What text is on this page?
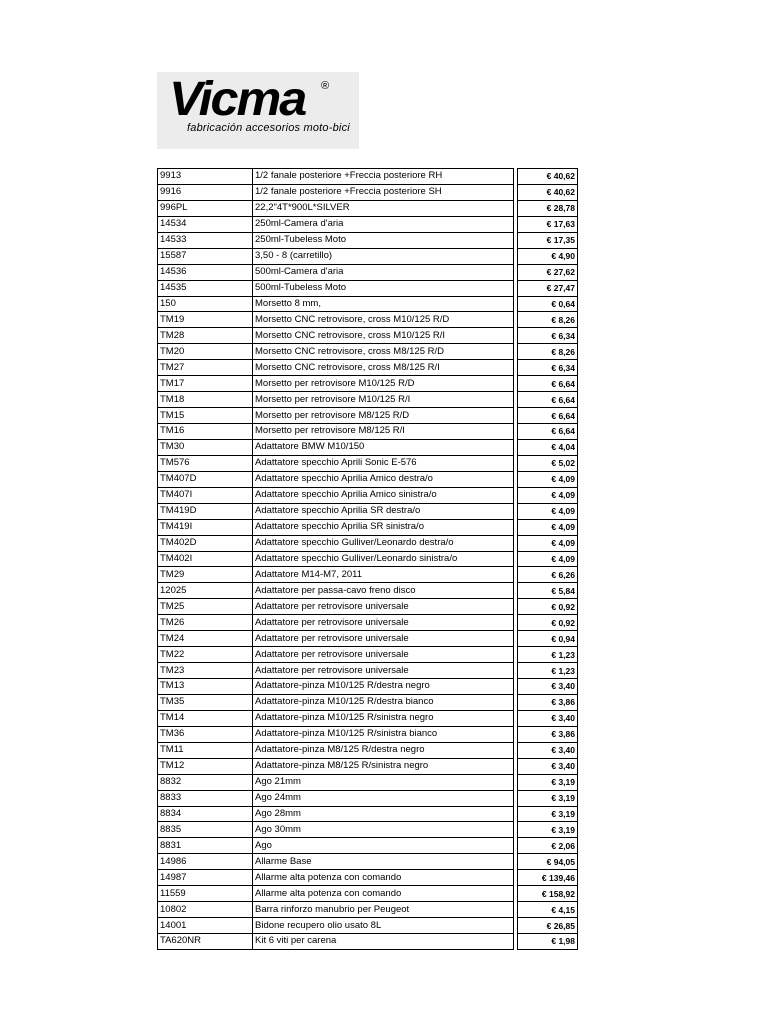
Vicma ®
fabricación accesorios moto-bici
9913	1/2 fanale posteriore +Freccia posteriore RH		€ 40,62
9916	1/2 fanale posteriore +Freccia posteriore SH		€ 40,62
996PL	22,2"4T*900L*SILVER		€ 28,78
14534	250ml-Camera d'aria		€ 17,63
14533	250ml-Tubeless Moto		€ 17,35
15587	3,50 - 8 (carretillo)		€ 4,90
14536	500ml-Camera d'aria		€ 27,62
14535	500ml-Tubeless Moto		€ 27,47
150	Morsetto 8 mm,		€ 0,64
TM19	Morsetto CNC retrovisore, cross M10/125 R/D		€ 8,26
TM28	Morsetto CNC retrovisore, cross M10/125 R/I		€ 6,34
TM20	Morsetto CNC retrovisore, cross M8/125 R/D		€ 8,26
TM27	Morsetto CNC retrovisore, cross M8/125 R/I		€ 6,34
TM17	Morsetto per retrovisore M10/125 R/D		€ 6,64
TM18	Morsetto per retrovisore M10/125 R/I		€ 6,64
TM15	Morsetto per retrovisore M8/125 R/D		€ 6,64
TM16	Morsetto per retrovisore M8/125 R/I		€ 6,64
TM30	Adattatore BMW M10/150		€ 4,04
TM576	Adattatore specchio Aprili Sonic E-576		€ 5,02
TM407D	Adattatore specchio Aprilia Amico destra/o		€ 4,09
TM407I	Adattatore specchio Aprilia Amico sinistra/o		€ 4,09
TM419D	Adattatore specchio Aprilia SR destra/o		€ 4,09
TM419I	Adattatore specchio Aprilia SR sinistra/o		€ 4,09
TM402D	Adattatore specchio Gulliver/Leonardo destra/o		€ 4,09
TM402I	Adattatore specchio Gulliver/Leonardo sinistra/o		€ 4,09
TM29	Adattatore M14-M7, 2011		€ 6,26
12025	Adattatore per passa-cavo freno disco		€ 5,84
TM25	Adattatore per retrovisore universale		€ 0,92
TM26	Adattatore per retrovisore universale		€ 0,92
TM24	Adattatore per retrovisore universale		€ 0,94
TM22	Adattatore per retrovisore universale		€ 1,23
TM23	Adattatore per retrovisore universale		€ 1,23
TM13	Adattatore-pinza M10/125 R/destra negro		€ 3,40
TM35	Adattatore-pinza M10/125 R/destra bianco		€ 3,86
TM14	Adattatore-pinza M10/125 R/sinistra negro		€ 3,40
TM36	Adattatore-pinza M10/125 R/sinistra bianco		€ 3,86
TM11	Adattatore-pinza M8/125 R/destra negro		€ 3,40
TM12	Adattatore-pinza M8/125 R/sinistra negro		€ 3,40
8832	Ago 21mm		€ 3,19
8833	Ago 24mm		€ 3,19
8834	Ago 28mm		€ 3,19
8835	Ago 30mm		€ 3,19
8831	Ago		€ 2,06
14986	Allarme Base		€ 94,05
14987	Allarme alta potenza con comando		€ 139,46
11559	Allarme alta potenza con comando		€ 158,92
10802	Barra rinforzo manubrio per Peugeot		€ 4,15
14001	Bidone recupero olio usato 8L		€ 26,85
TA620NR	Kit 6 viti per carena		€ 1,98
